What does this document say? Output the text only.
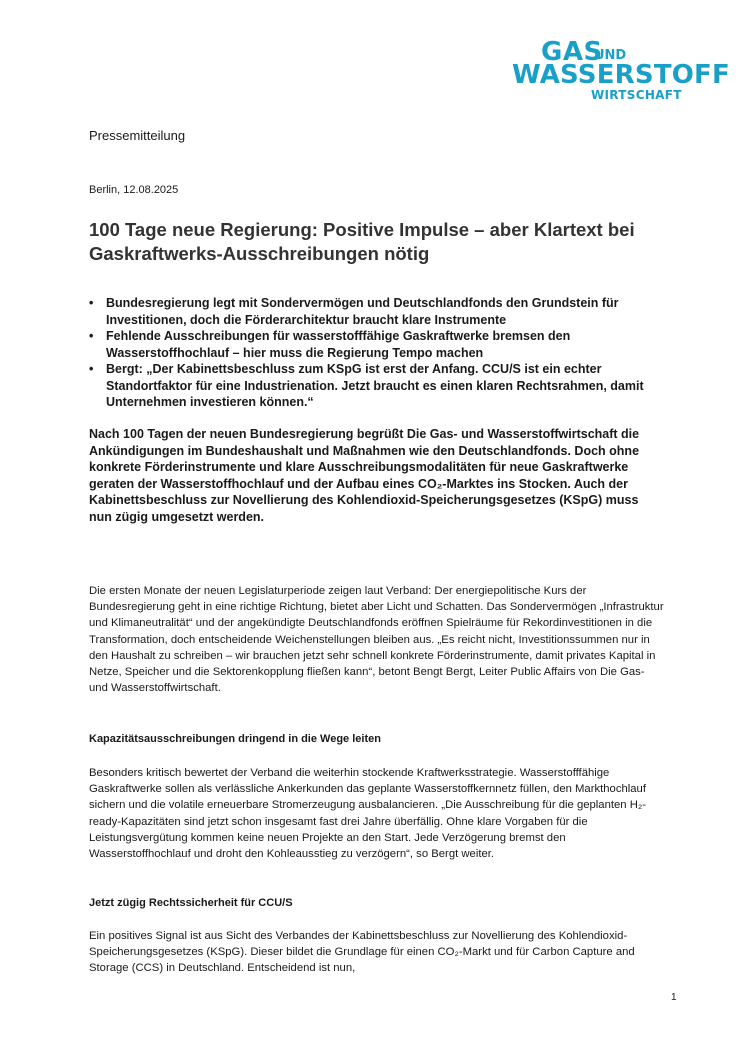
GAS
UND
WASSERSTOFF
WIRTSCHAFT
Pressemitteilung
Berlin, 12.08.2025
100 Tage neue Regierung: Positive Impulse – aber Klartext bei Gaskraftwerks-Ausschreibungen nötig
• Bundesregierung legt mit Sondervermögen und Deutschlandfonds den Grundstein für Investitionen, doch die Förderarchitektur braucht klare Instrumente
• Fehlende Ausschreibungen für wasserstofffähige Gaskraftwerke bremsen den Wasserstoffhochlauf – hier muss die Regierung Tempo machen
• Bergt: „Der Kabinettsbeschluss zum KSpG ist erst der Anfang. CCU/S ist ein echter Standortfaktor für eine Industrienation. Jetzt braucht es einen klaren Rechtsrahmen, damit Unternehmen investieren können.“

Nach 100 Tagen der neuen Bundesregierung begrüßt Die Gas- und Wasserstoffwirtschaft die Ankündigungen im Bundeshaushalt und Maßnahmen wie den Deutschlandfonds. Doch ohne konkrete Förderinstrumente und klare Ausschreibungsmodalitäten für neue Gaskraftwerke geraten der Wasserstoffhochlauf und der Aufbau eines CO₂-Marktes ins Stocken. Auch der Kabinettsbeschluss zur Novellierung des Kohlendioxid-Speicherungsgesetzes (KSpG) muss nun zügig umgesetzt werden.

Die ersten Monate der neuen Legislaturperiode zeigen laut Verband: Der energiepolitische Kurs der Bundesregierung geht in eine richtige Richtung, bietet aber Licht und Schatten. Das Sondervermögen „Infrastruktur und Klimaneutralität“ und der angekündigte Deutschlandfonds eröffnen Spielräume für Rekordinvestitionen in die Transformation, doch entscheidende Weichenstellungen bleiben aus. „Es reicht nicht, Investitionssummen nur in den Haushalt zu schreiben – wir brauchen jetzt sehr schnell konkrete Förderinstrumente, damit privates Kapital in Netze, Speicher und die Sektorenkopplung fließen kann“, betont Bengt Bergt, Leiter Public Affairs von Die Gas- und Wasserstoffwirtschaft.

Kapazitätsausschreibungen dringend in die Wege leiten

Besonders kritisch bewertet der Verband die weiterhin stockende Kraftwerksstrategie. Wasserstofffähige Gaskraftwerke sollen als verlässliche Ankerkunden das geplante Wasserstoffkernnetz füllen, den Markthochlauf sichern und die volatile erneuerbare Stromerzeugung ausbalancieren. „Die Ausschreibung für die geplanten H₂-ready-Kapazitäten sind jetzt schon insgesamt fast drei Jahre überfällig. Ohne klare Vorgaben für die Leistungsvergütung kommen keine neuen Projekte an den Start. Jede Verzögerung bremst den Wasserstoffhochlauf und droht den Kohleausstieg zu verzögern“, so Bergt weiter.

Jetzt zügig Rechtssicherheit für CCU/S

Ein positives Signal ist aus Sicht des Verbandes der Kabinettsbeschluss zur Novellierung des Kohlendioxid-Speicherungsgesetzes (KSpG). Dieser bildet die Grundlage für einen CO₂-Markt und für Carbon Capture and Storage (CCS) in Deutschland. Entscheidend ist nun,

1
